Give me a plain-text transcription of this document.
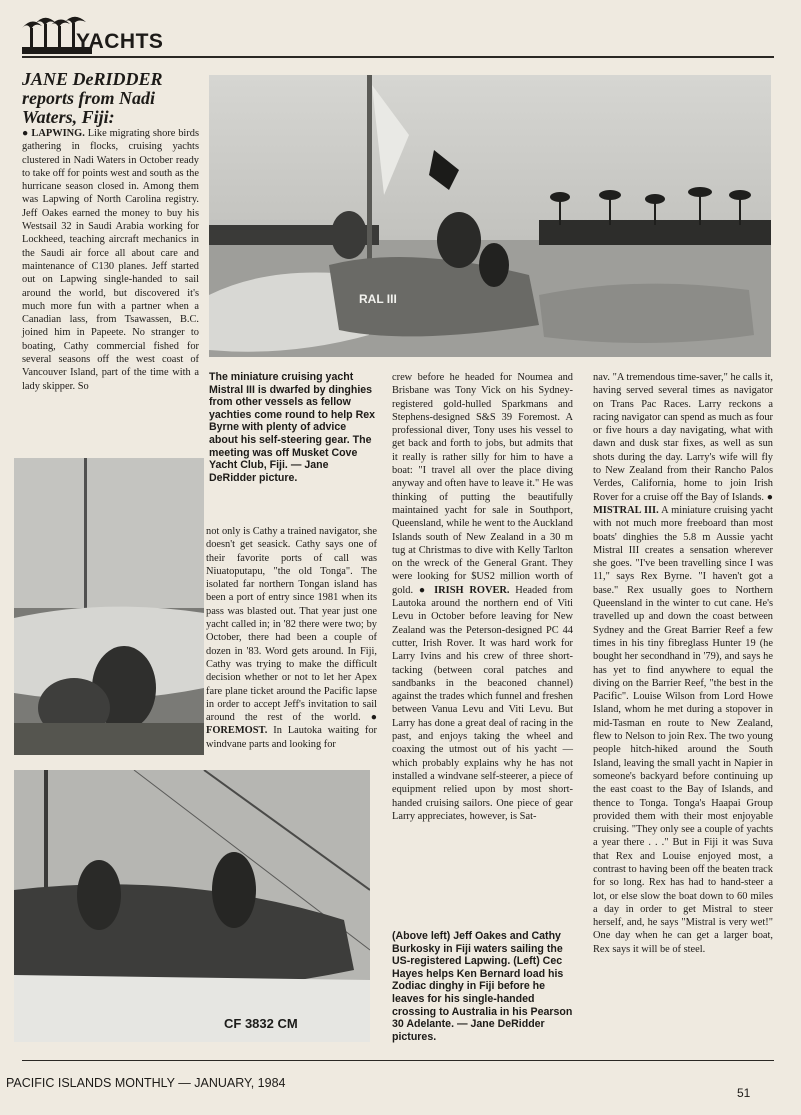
YACHTS
JANE DeRIDDER reports from Nadi Waters, Fiji:

● LAPWING. Like migrating shore birds gathering in flocks, cruising yachts clustered in Nadi Waters in October ready to take off for points west and south as the hurricane season closed in. Among them was Lapwing of North Carolina registry. Jeff Oakes earned the money to buy his Westsail 32 in Saudi Arabia working for Lockheed, teaching aircraft mechanics in the Saudi air force all about care and maintenance of C130 planes. Jeff started out on Lapwing single-handed to sail around the world, but discovered it's much more fun with a partner when a Canadian lass, from Tsawassen, B.C. joined him in Papeete. No stranger to boating, Cathy commercial fished for several seasons off the west coast of Vancouver Island, part of the time with a lady skipper. So

RAL III
The miniature cruising yacht Mistral III is dwarfed by dinghies from other vessels as fellow yachties come round to help Rex Byrne with plenty of advice about his self-steering gear. The meeting was off Musket Cove Yacht Club, Fiji. — Jane DeRidder picture.

not only is Cathy a trained navigator, she doesn't get seasick. Cathy says one of their favorite ports of call was Niuatoputapu, "the old Tonga". The isolated far northern Tongan island has been a port of entry since 1981 when its pass was blasted out. That year just one yacht called in; in '82 there were two; by October, there had been a couple of dozen in '83. Word gets around. In Fiji, Cathy was trying to make the difficult decision whether or not to let her Apex fare plane ticket around the Pacific lapse in order to accept Jeff's invitation to sail around the rest of the world. ● FOREMOST. In Lautoka waiting for windvane parts and looking for

CF 3832 CM

crew before he headed for Noumea and Brisbane was Tony Vick on his Sydney-registered gold-hulled Sparkmans and Stephens-designed S&S 39 Foremost. A professional diver, Tony uses his vessel to get back and forth to jobs, but admits that it really is rather silly for him to have a boat: "I travel all over the place diving anyway and often have to leave it." He was thinking of putting the beautifully maintained yacht for sale in Southport, Queensland, while he went to the Auckland Islands south of New Zealand in a 30 m tug at Christmas to dive with Kelly Tarlton on the wreck of the General Grant. They were looking for $US2 million worth of gold. ● IRISH ROVER. Headed from Lautoka around the northern end of Viti Levu in October before leaving for New Zealand was the Peterson-designed PC 44 cutter, Irish Rover. It was hard work for Larry Ivins and his crew of three short-tacking (between coral patches and sandbanks in the beaconed channel) against the trades which funnel and freshen between Vanua Levu and Viti Levu. But Larry has done a great deal of racing in the past, and enjoys taking the wheel and coaxing the utmost out of his yacht — which probably explains why he has not installed a windvane self-steerer, a piece of equipment relied upon by most short-handed cruising sailors. One piece of gear Larry appreciates, however, is Sat-

(Above left) Jeff Oakes and Cathy Burkosky in Fiji waters sailing the US-registered Lapwing. (Left) Cec Hayes helps Ken Bernard load his Zodiac dinghy in Fiji before he leaves for his single-handed crossing to Australia in his Pearson 30 Adelante. — Jane DeRidder pictures.

nav. "A tremendous time-saver," he calls it, having served several times as navigator on Trans Pac Races. Larry reckons a racing navigator can spend as much as four or five hours a day navigating, what with dawn and dusk star fixes, as well as sun shots during the day. Larry's wife will fly to New Zealand from their Rancho Palos Verdes, California, home to join Irish Rover for a cruise off the Bay of Islands. ● MISTRAL III. A miniature cruising yacht with not much more freeboard than most boats' dinghies the 5.8 m Aussie yacht Mistral III creates a sensation wherever she goes. "I've been travelling since I was 11," says Rex Byrne. "I haven't got a base." Rex usually goes to Northern Queensland in the winter to cut cane. He's travelled up and down the coast between Sydney and the Great Barrier Reef a few times in his tiny fibreglass Hunter 19 (he bought her secondhand in '79), and says he has yet to find anywhere to equal the diving on the Barrier Reef, "the best in the Pacific". Louise Wilson from Lord Howe Island, whom he met during a stopover in mid-Tasman en route to New Zealand, flew to Nelson to join Rex. The two young people hitch-hiked around the South Island, leaving the small yacht in Napier in someone's backyard before continuing up the east coast to the Bay of Islands, and thence to Tonga. Tonga's Haapai Group provided them with their most enjoyable cruising. "They only see a couple of yachts a year there . . ." But in Fiji it was Suva that Rex and Louise enjoyed most, a contrast to having been off the beaten track for so long. Rex has had to hand-steer a lot, or else slow the boat down to 60 miles a day in order to get Mistral to steer herself, and, he says "Mistral is very wet!" One day when he can get a larger boat, Rex says it will be of steel.

PACIFIC ISLANDS MONTHLY — JANUARY, 1984
51
